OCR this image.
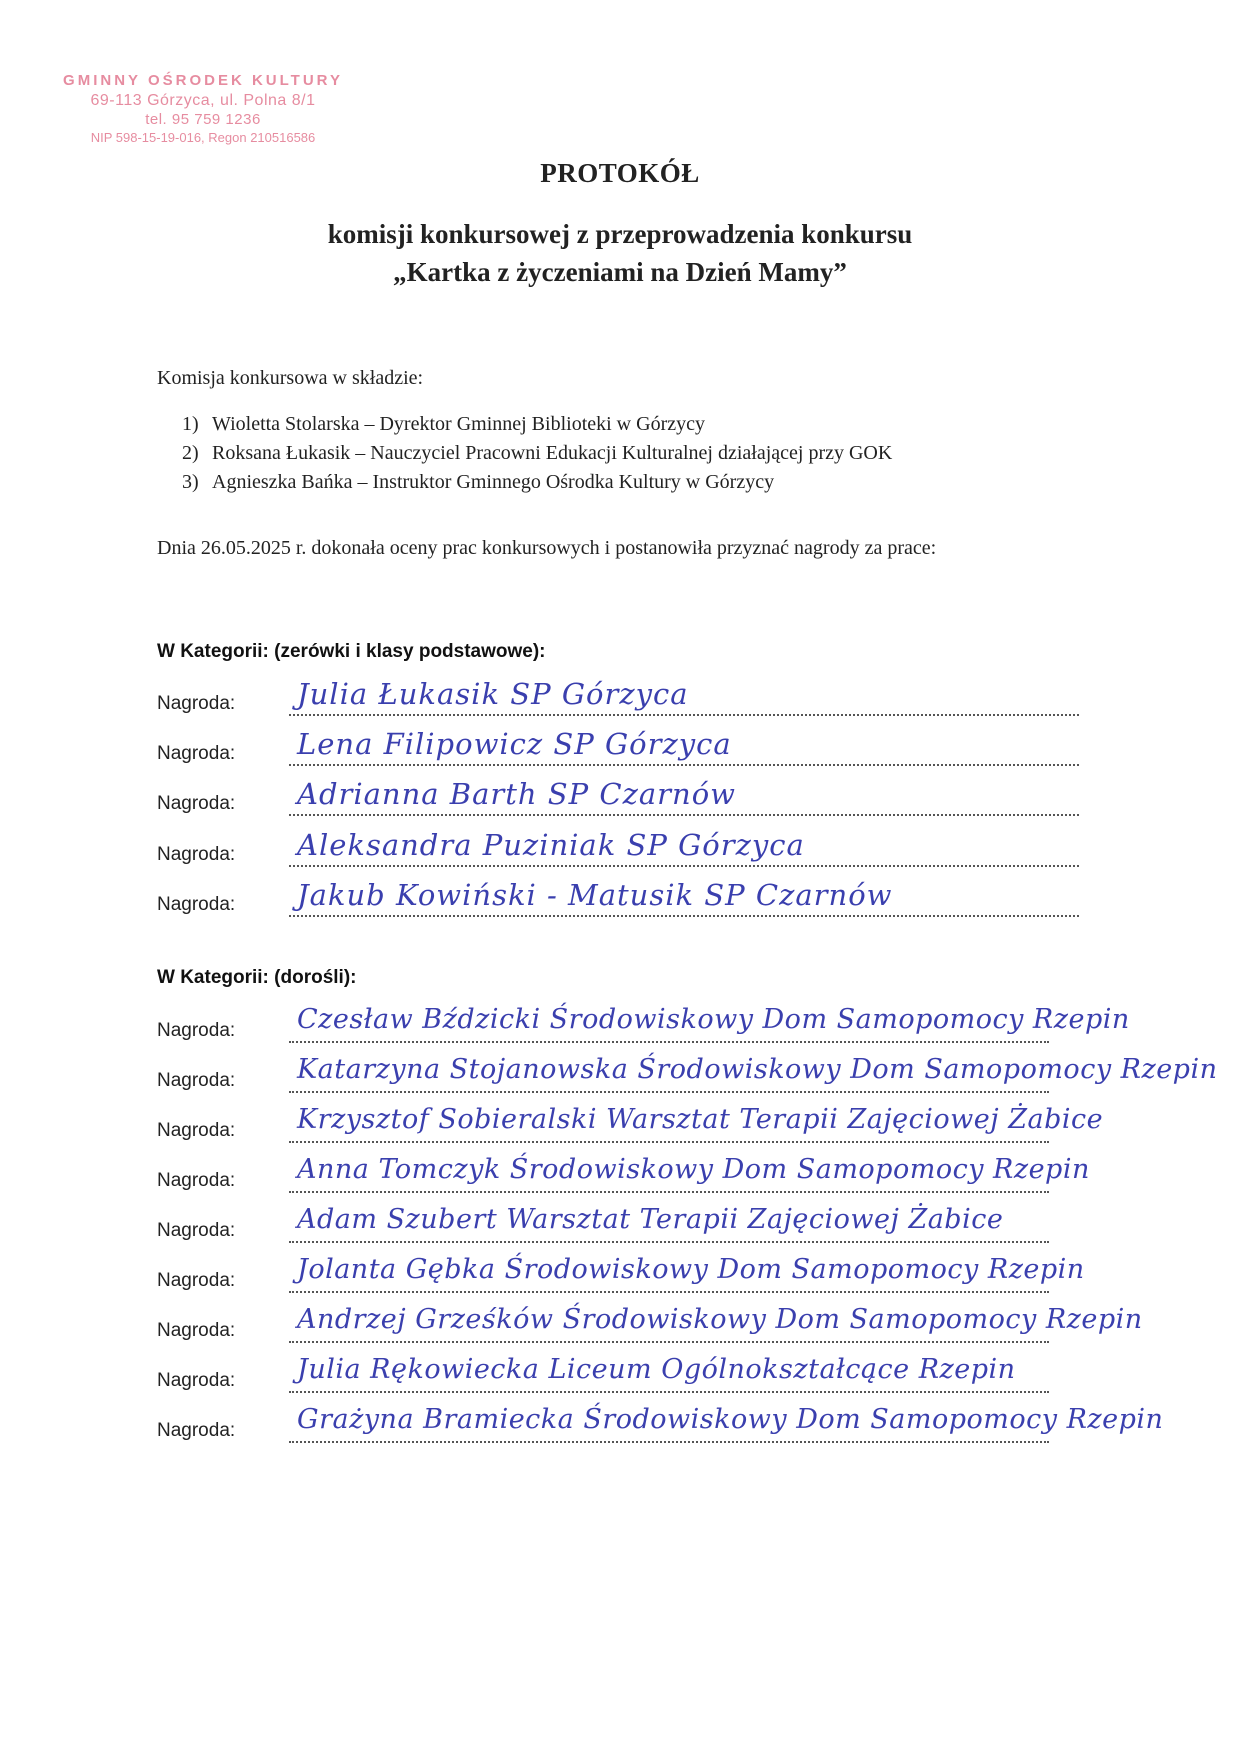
GMINNY OŚRODEK KULTURY
69-113 Górzyca, ul. Polna 8/1
tel. 95 759 1236
NIP 598-15-19-016, Regon 210516586
PROTOKÓŁ
komisji konkursowej z przeprowadzenia konkursu
„Kartka z życzeniami na Dzień Mamy”
Komisja konkursowa w składzie:
1) Wioletta Stolarska – Dyrektor Gminnej Biblioteki w Górzycy
2) Roksana Łukasik – Nauczyciel Pracowni Edukacji Kulturalnej działającej przy GOK
3) Agnieszka Bańka – Instruktor Gminnego Ośrodka Kultury w Górzycy
Dnia 26.05.2025 r. dokonała oceny prac konkursowych i postanowiła przyznać nagrody za prace:
W Kategorii: (zerówki i klasy podstawowe):
Nagroda: Julia Łukasik SP Górzyca
Nagroda: Lena Filipowicz SP Górzyca
Nagroda: Adrianna Barth SP Czarnów
Nagroda: Aleksandra Puziniak SP Górzyca
Nagroda: Jakub Kowiński - Matusik SP Czarnów
W Kategorii: (dorośli):
Nagroda: Czesław Bździcki Środowiskowy Dom Samopomocy Rzepin
Nagroda: Katarzyna Stojanowska Środowiskowy Dom Samopomocy Rzepin
Nagroda: Krzysztof Sobieralski Warsztat Terapii Zajęciowej Żabice
Nagroda: Anna Tomczyk Środowiskowy Dom Samopomocy Rzepin
Nagroda: Adam Szubert Warsztat Terapii Zajęciowej Żabice
Nagroda: Jolanta Gębka Środowiskowy Dom Samopomocy Rzepin
Nagroda: Andrzej Grześków Środowiskowy Dom Samopomocy Rzepin
Nagroda: Julia Rękowiecka Liceum Ogólnokształcące Rzepin
Nagroda: Grażyna Bramiecka Środowiskowy Dom Samopomocy Rzepin
